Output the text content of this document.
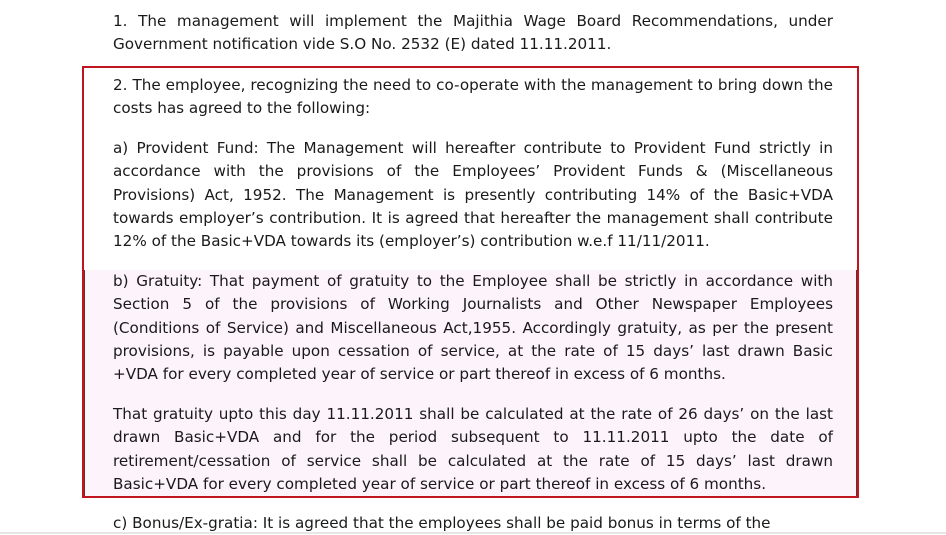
1. The management will implement the Majithia Wage Board Recommendations, under Government notification vide S.O No. 2532 (E) dated 11.11.2011.

2. The employee, recognizing the need to co-operate with the management to bring down the costs has agreed to the following:

a) Provident Fund: The Management will hereafter contribute to Provident Fund strictly in accordance with the provisions of the Employees’ Provident Funds & (Miscellaneous Provisions) Act, 1952. The Management is presently contributing 14% of the Basic+VDA towards employer’s contribution. It is agreed that hereafter the management shall contribute 12% of the Basic+VDA towards its (employer’s) contribution w.e.f 11/11/2011.

b) Gratuity: That payment of gratuity to the Employee shall be strictly in accordance with Section 5 of the provisions of Working Journalists and Other Newspaper Employees (Conditions of Service) and Miscellaneous Act,1955. Accordingly gratuity, as per the present provisions, is payable upon cessation of service, at the rate of 15 days’ last drawn Basic +VDA for every completed year of service or part thereof in excess of 6 months.

That gratuity upto this day 11.11.2011 shall be calculated at the rate of 26 days’ on the last drawn Basic+VDA and for the period subsequent to 11.11.2011 upto the date of retirement/cessation of service shall be calculated at the rate of 15 days’ last drawn Basic+VDA for every completed year of service or part thereof in excess of 6 months.

c) Bonus/Ex-gratia: It is agreed that the employees shall be paid bonus in terms of the
